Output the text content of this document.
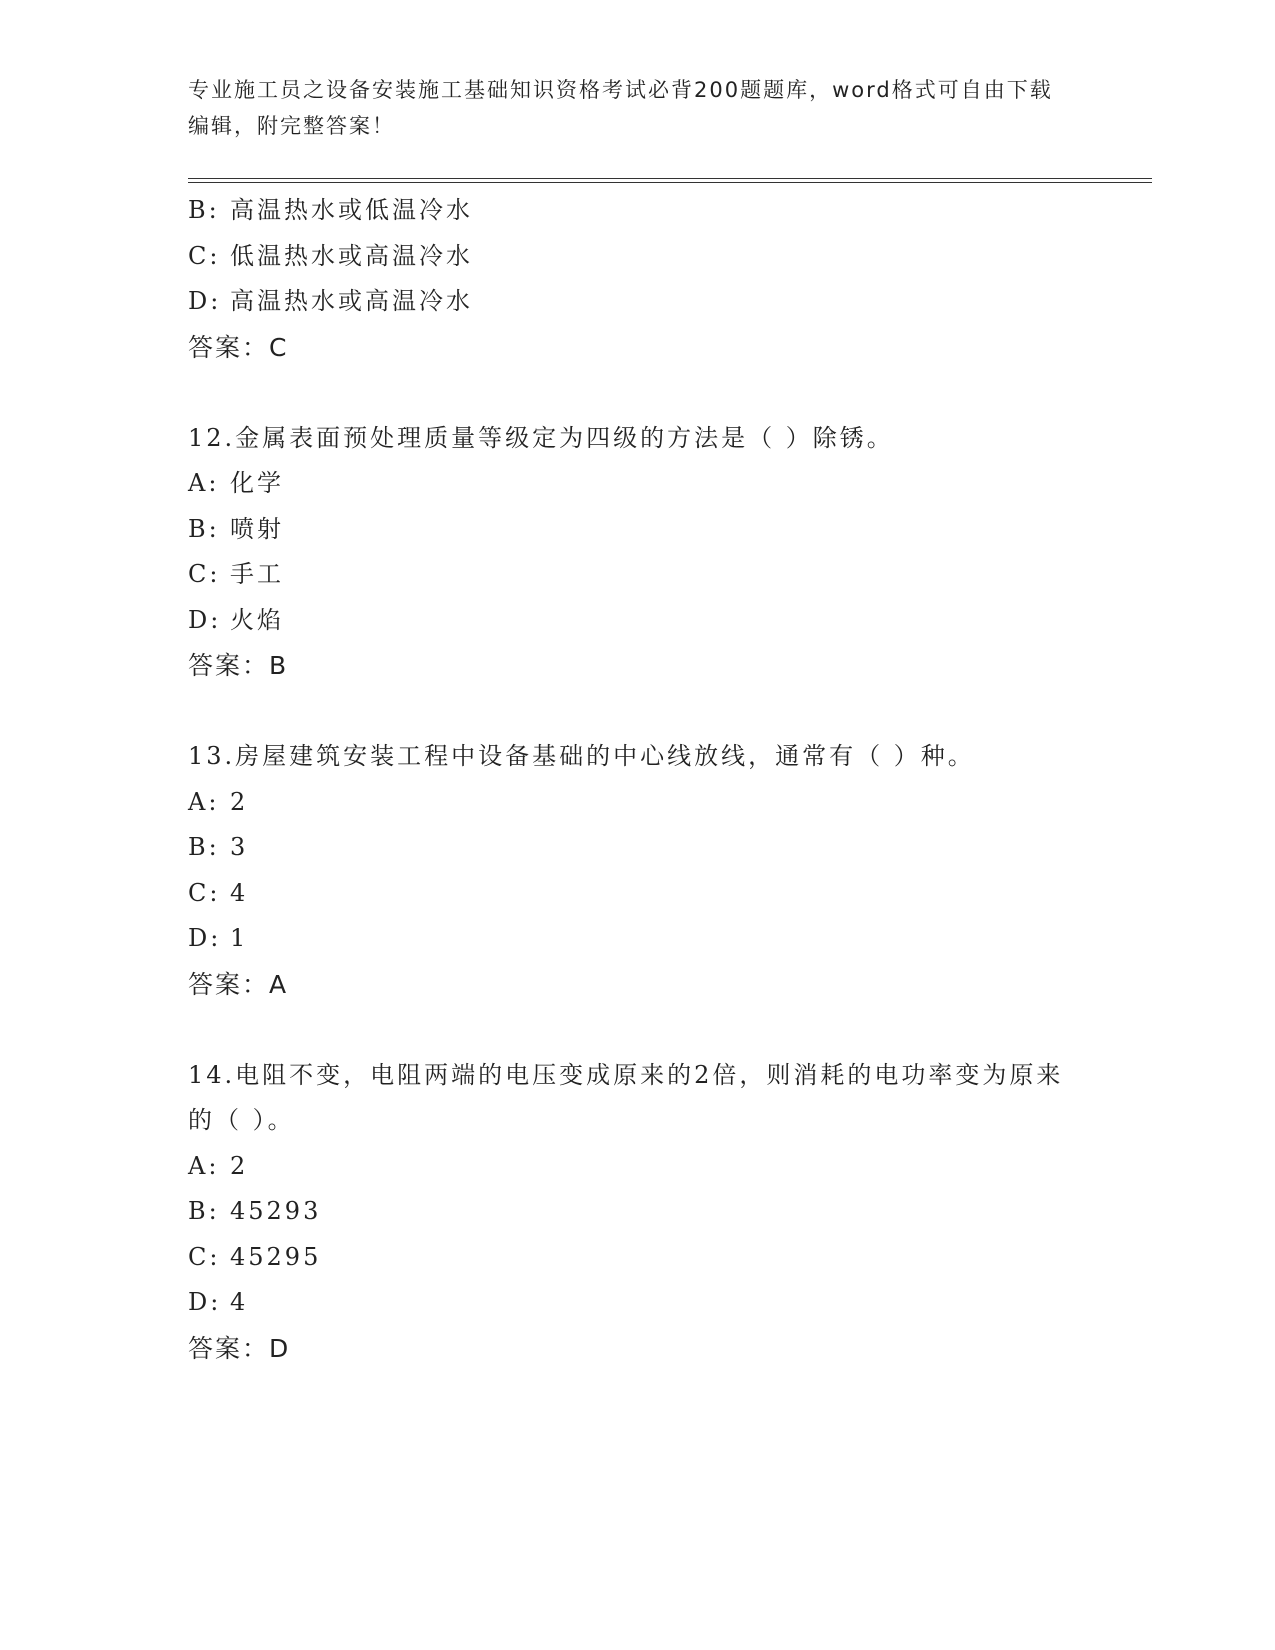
专业施工员之设备安装施工基础知识资格考试必背200题题库，word格式可自由下载编辑，附完整答案！
B: 高温热水或低温冷水
C: 低温热水或高温冷水
D: 高温热水或高温冷水
答案：C
12.金属表面预处理质量等级定为四级的方法是（ ）除锈。
A: 化学
B: 喷射
C: 手工
D: 火焰
答案：B
13.房屋建筑安装工程中设备基础的中心线放线，通常有（ ）种。
A: 2
B: 3
C: 4
D: 1
答案：A
14.电阻不变，电阻两端的电压变成原来的2倍，则消耗的电功率变为原来的（ ）。
A: 2
B: 45293
C: 45295
D: 4
答案：D
